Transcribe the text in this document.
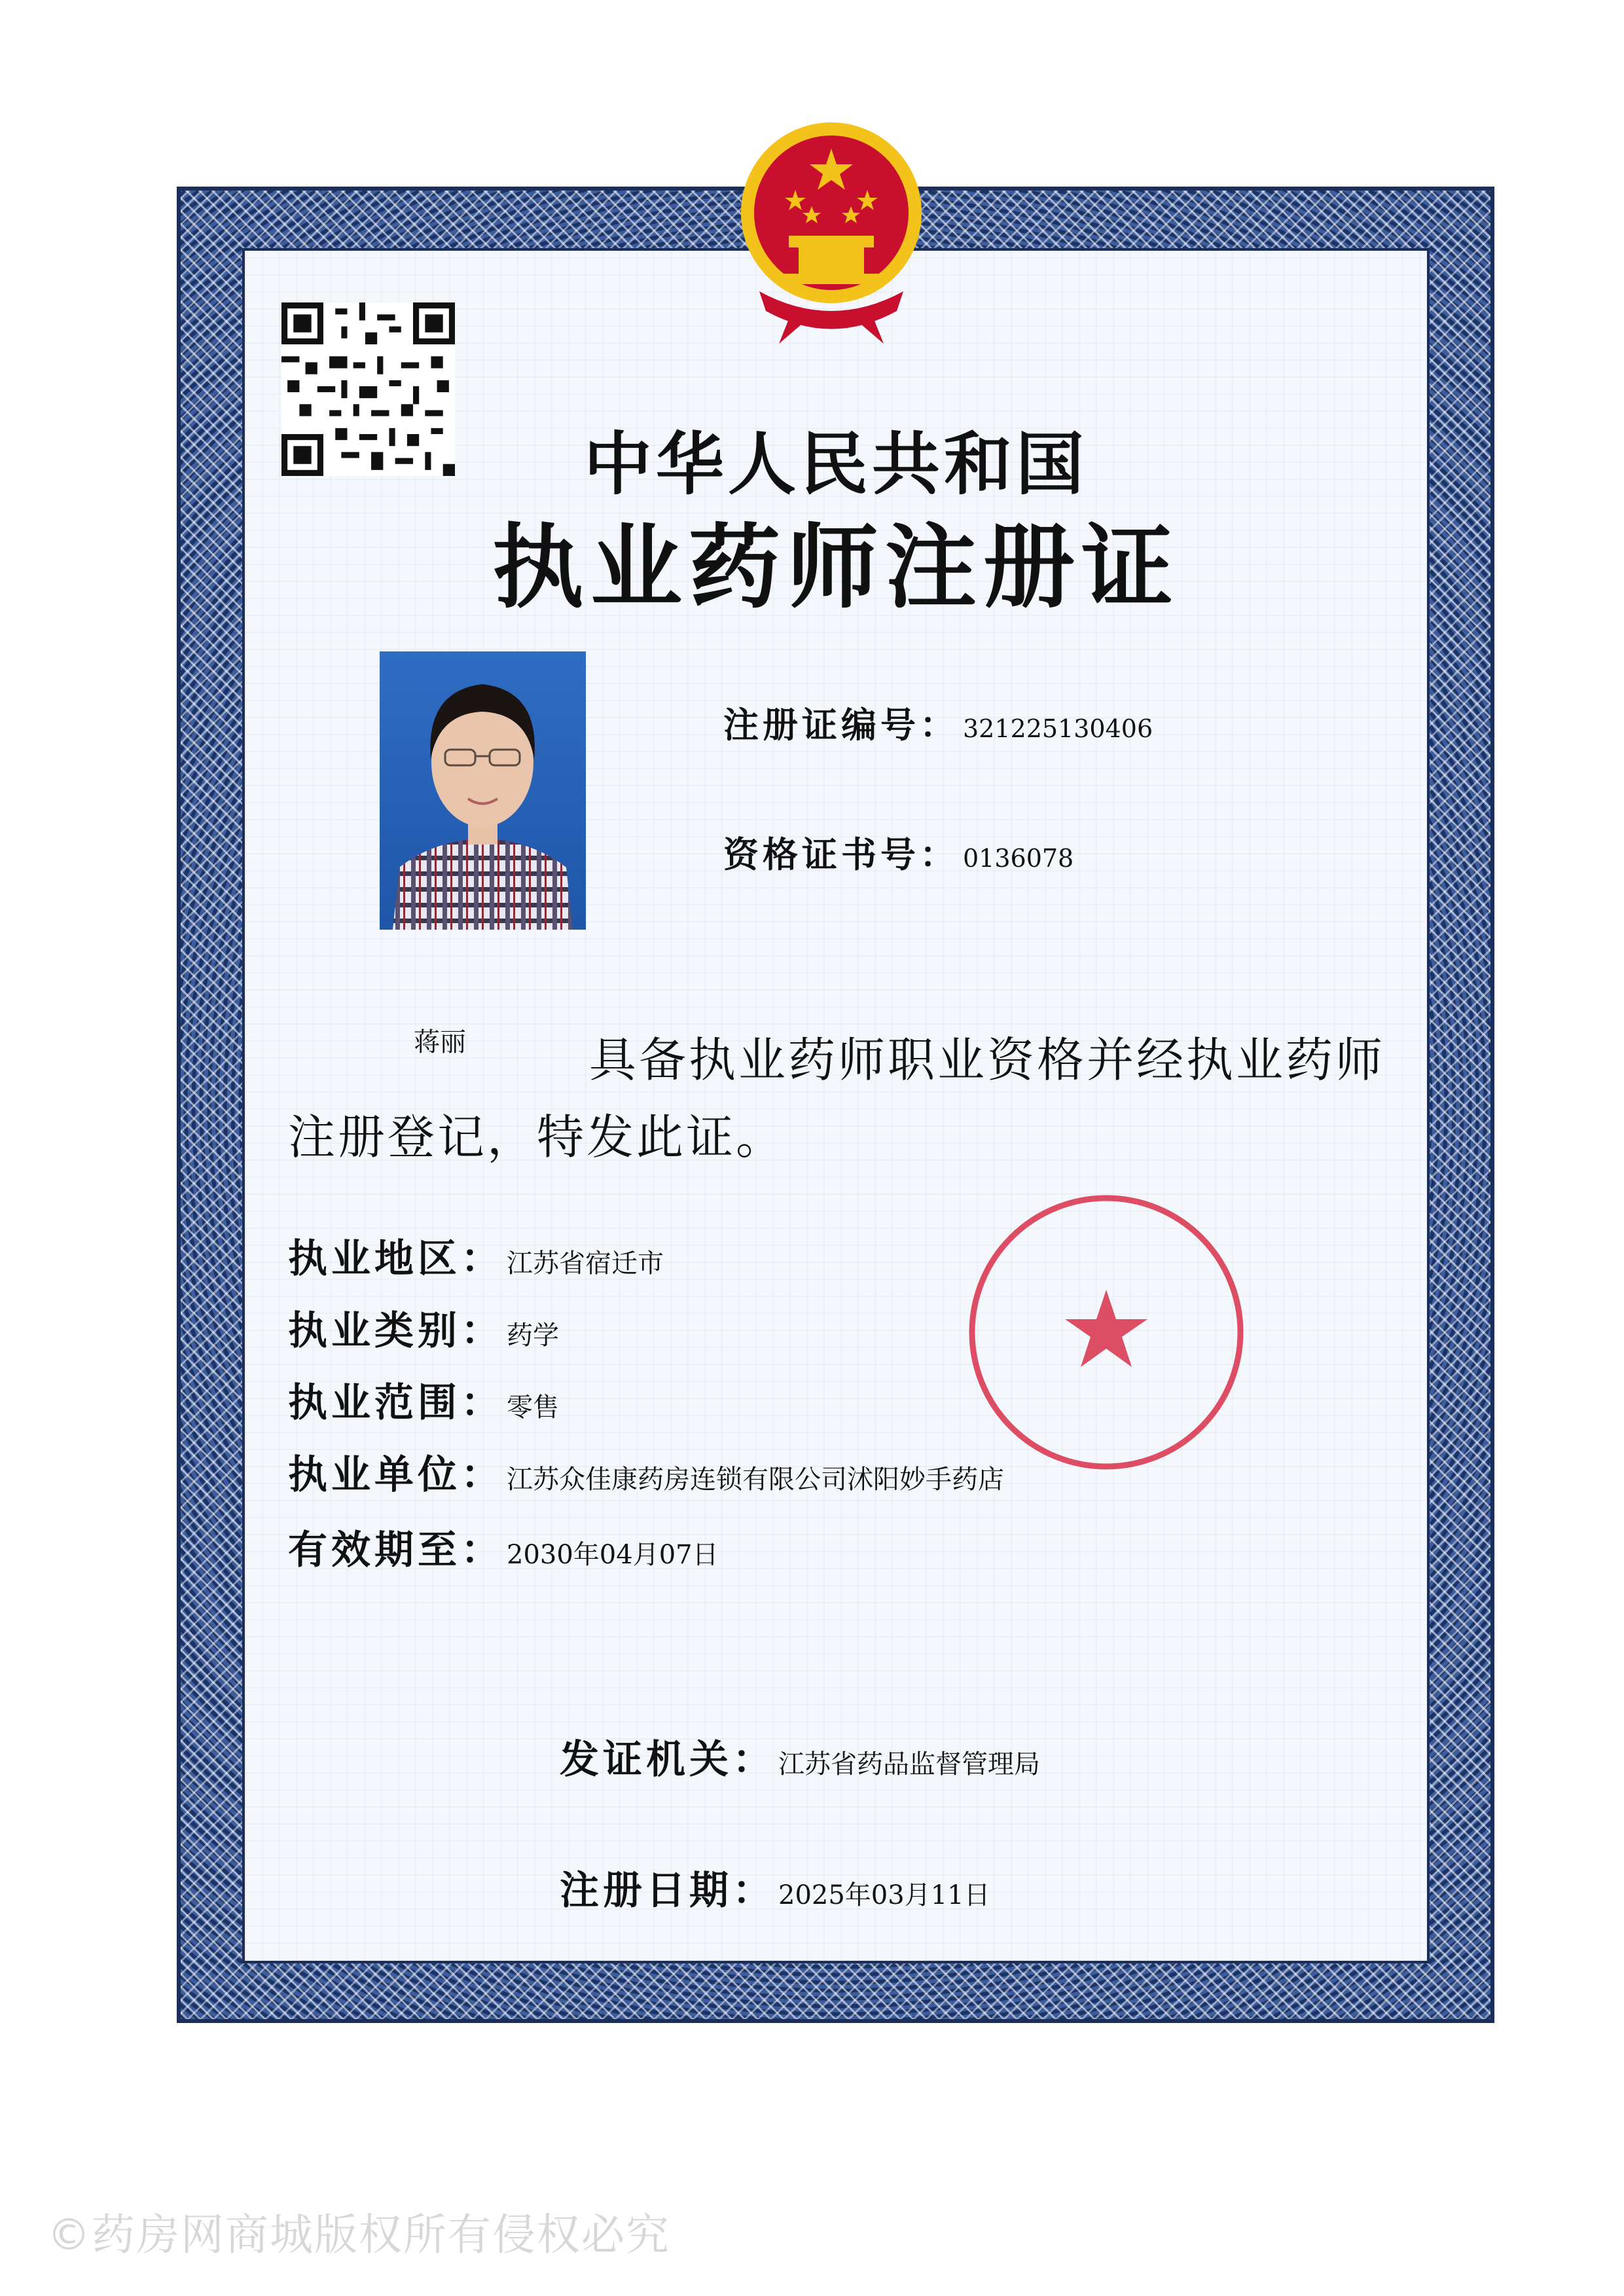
中华人民共和国
执业药师注册证
注册证编号： 321225130406
资格证书号： 0136078
蒋丽	具备执业药师职业资格并经执业药师注册登记，特发此证。
执业地区： 江苏省宿迁市
执业类别： 药学
执业范围： 零售
执业单位： 江苏众佳康药房连锁有限公司沭阳妙手药店
有效期至： 2030年04月07日
发证机关： 江苏省药品监督管理局
注册日期： 2025年03月11日
©药房网商城版权所有侵权必究
